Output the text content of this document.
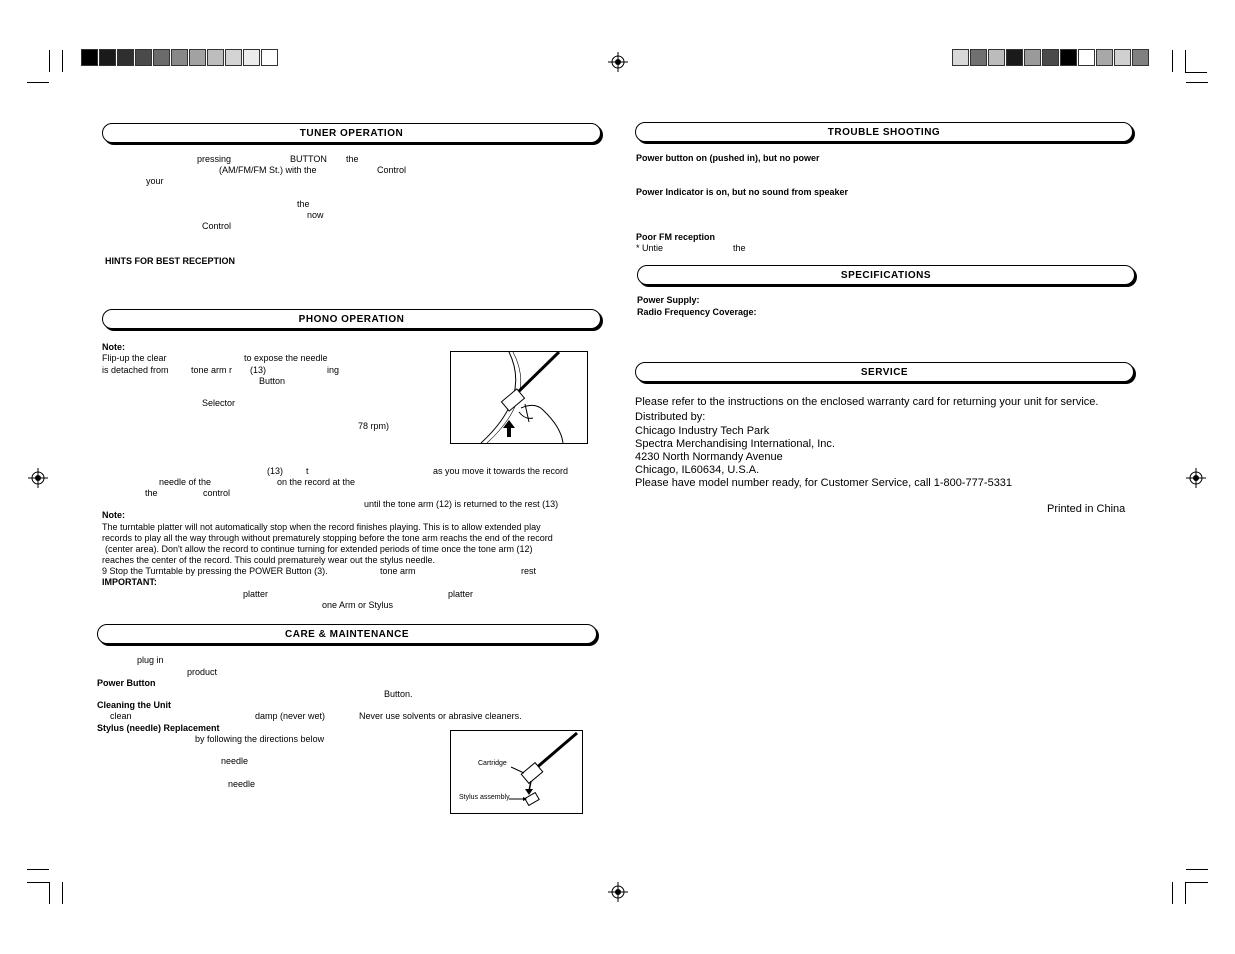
TUNER OPERATION
pressing	BUTTON the
(AM/FM/FM St.) with the	Control
your
the
now
Control
HINTS FOR BEST RECEPTION
PHONO OPERATION
Note:
Flip-up the clear	to expose the needle
is detached from tone arm r (13)	ing
Button
Selector
78 rpm)
(13)	t	as you move it towards the record
needle of the	on the record at the
the	control
until the tone arm (12) is returned to the rest (13)
Note:
The turntable platter will not automatically stop when the record finishes playing. This is to allow extended play
records to play all the way through without prematurely stopping before the tone arm reachs the end of the record
(center area). Don't allow the record to continue turning for extended periods of time once the tone arm (12)
reaches the center of the record. This could prematurely wear out the stylus needle.
9 Stop the Turntable by pressing the POWER Button (3).	tone arm	rest
IMPORTANT:
platter	platter
one Arm or Stylus
CARE & MAINTENANCE
plug in
product
Power Button
Button.
Cleaning the Unit
clean	damp (never wet)	Never use solvents or abrasive cleaners.
Stylus (needle) Replacement
by following the directions below
needle
needle
Cartridge
Stylus assembly
TROUBLE SHOOTING
Power button on (pushed in), but no power
Power Indicator is on, but no sound from speaker
Poor FM reception
* Untie	the
SPECIFICATIONS
Power Supply:
Radio Frequency Coverage:
SERVICE
Please refer to the instructions on the enclosed warranty card for returning your unit for service.
Distributed by:
Chicago Industry Tech Park
Spectra Merchandising International, Inc.
4230 North Normandy Avenue
Chicago, IL60634, U.S.A.
Please have model number ready, for Customer Service, call 1-800-777-5331
Printed in China
